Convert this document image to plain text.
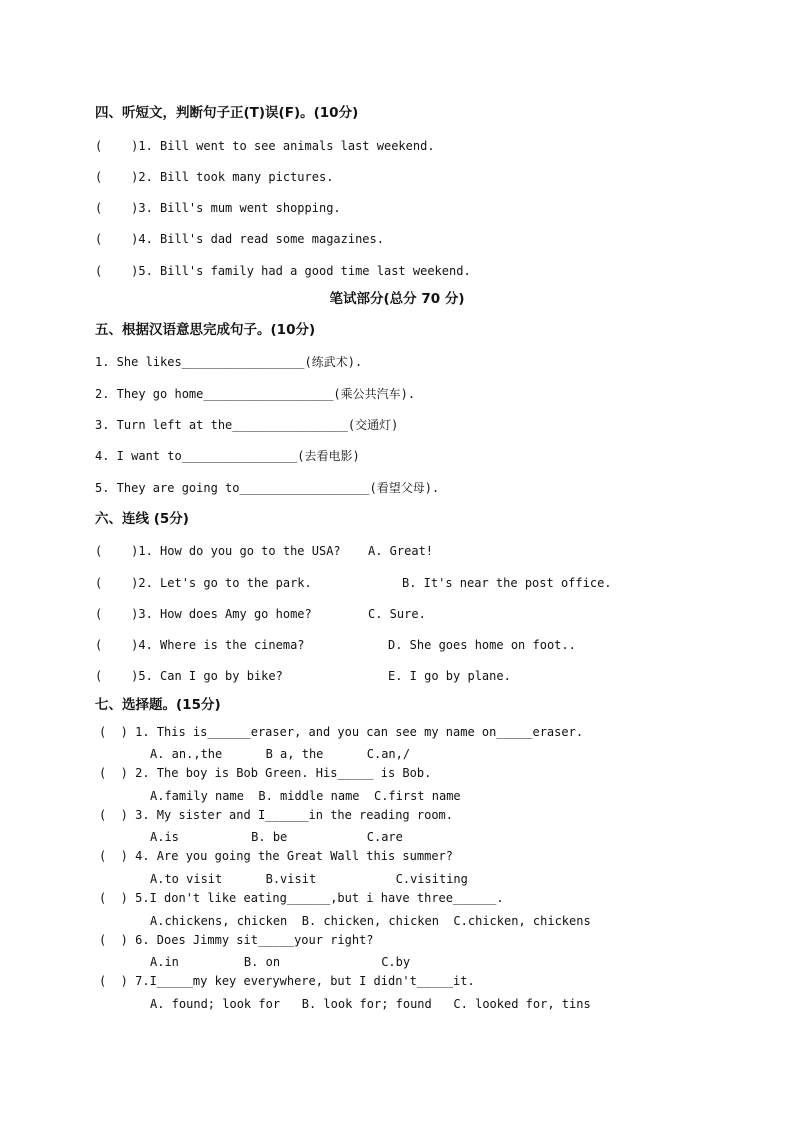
四、听短文，判断句子正(T)误(F)。(10分)
(    )1. Bill went to see animals last weekend.
(    )2. Bill took many pictures.
(    )3. Bill's mum went shopping.
(    )4. Bill's dad read some magazines.
(    )5. Bill's family had a good time last weekend.
笔试部分(总分 70 分)
五、根据汉语意思完成句子。(10分)
1. She likes_________________(练武术).
2. They go home__________________(乘公共汽车).
3. Turn left at the________________(交通灯)
4. I want to________________(去看电影)
5. They are going to__________________(看望父母).
六、连线 (5分)
(    )1. How do you go to the USA? A. Great!
(    )2. Let's go to the park.	B. It's near the post office.
(    )3. How does Amy go home?	C. Sure.
(    )4. Where is the cinema?	D. She goes home on foot..
(    )5. Can I go by bike?	E. I go by plane.
七、选择题。(15分)
(  ) 1. This is______eraser, and you can see my name on_____eraser.
A. an.,the      B a, the      C.an,/
(  ) 2. The boy is Bob Green. His_____ is Bob.
A.family name  B. middle name  C.first name
(  ) 3. My sister and I______in the reading room.
A.is          B. be           C.are
(  ) 4. Are you going the Great Wall this summer?
A.to visit      B.visit           C.visiting
(  ) 5.I don't like eating______,but i have three______.
A.chickens, chicken  B. chicken, chicken  C.chicken, chickens
(  ) 6. Does Jimmy sit_____your right?
A.in         B. on              C.by
(  ) 7.I_____my key everywhere, but I didn't_____it.
A. found; look for   B. look for; found   C. looked for, tins
